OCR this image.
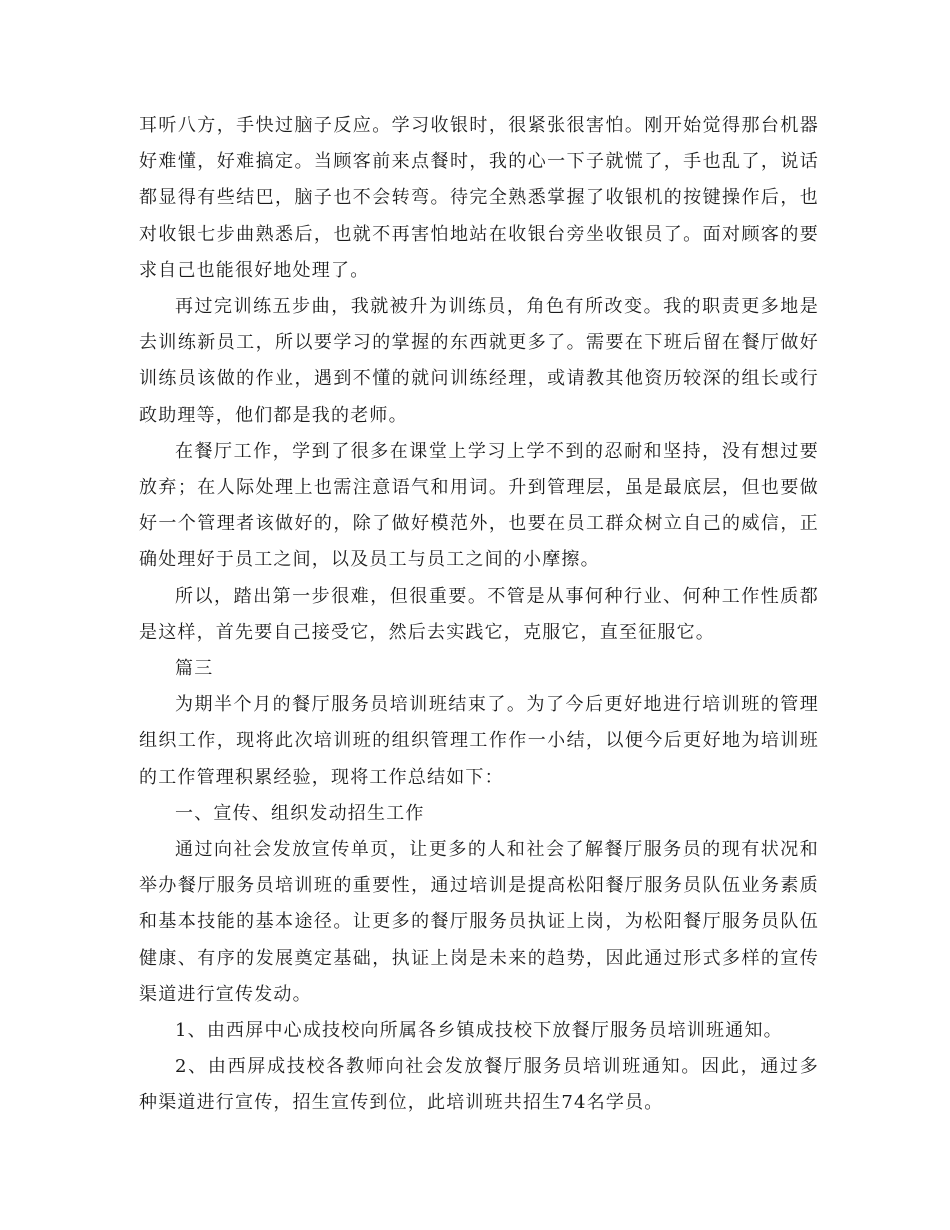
耳听八方，手快过脑子反应。学习收银时，很紧张很害怕。刚开始觉得那台机器好难懂，好难搞定。当顾客前来点餐时，我的心一下子就慌了，手也乱了，说话都显得有些结巴，脑子也不会转弯。待完全熟悉掌握了收银机的按键操作后，也对收银七步曲熟悉后，也就不再害怕地站在收银台旁坐收银员了。面对顾客的要求自己也能很好地处理了。

再过完训练五步曲，我就被升为训练员，角色有所改变。我的职责更多地是去训练新员工，所以要学习的掌握的东西就更多了。需要在下班后留在餐厅做好训练员该做的作业，遇到不懂的就问训练经理，或请教其他资历较深的组长或行政助理等，他们都是我的老师。

在餐厅工作，学到了很多在课堂上学习上学不到的忍耐和坚持，没有想过要放弃；在人际处理上也需注意语气和用词。升到管理层，虽是最底层，但也要做好一个管理者该做好的，除了做好模范外，也要在员工群众树立自己的威信，正确处理好于员工之间，以及员工与员工之间的小摩擦。

所以，踏出第一步很难，但很重要。不管是从事何种行业、何种工作性质都是这样，首先要自己接受它，然后去实践它，克服它，直至征服它。

篇三

为期半个月的餐厅服务员培训班结束了。为了今后更好地进行培训班的管理组织工作，现将此次培训班的组织管理工作作一小结，以便今后更好地为培训班的工作管理积累经验，现将工作总结如下：

一、宣传、组织发动招生工作

通过向社会发放宣传单页，让更多的人和社会了解餐厅服务员的现有状况和举办餐厅服务员培训班的重要性，通过培训是提高松阳餐厅服务员队伍业务素质和基本技能的基本途径。让更多的餐厅服务员执证上岗，为松阳餐厅服务员队伍健康、有序的发展奠定基础，执证上岗是未来的趋势，因此通过形式多样的宣传渠道进行宣传发动。

1、由西屏中心成技校向所属各乡镇成技校下放餐厅服务员培训班通知。

2、由西屏成技校各教师向社会发放餐厅服务员培训班通知。因此，通过多种渠道进行宣传，招生宣传到位，此培训班共招生74名学员。
